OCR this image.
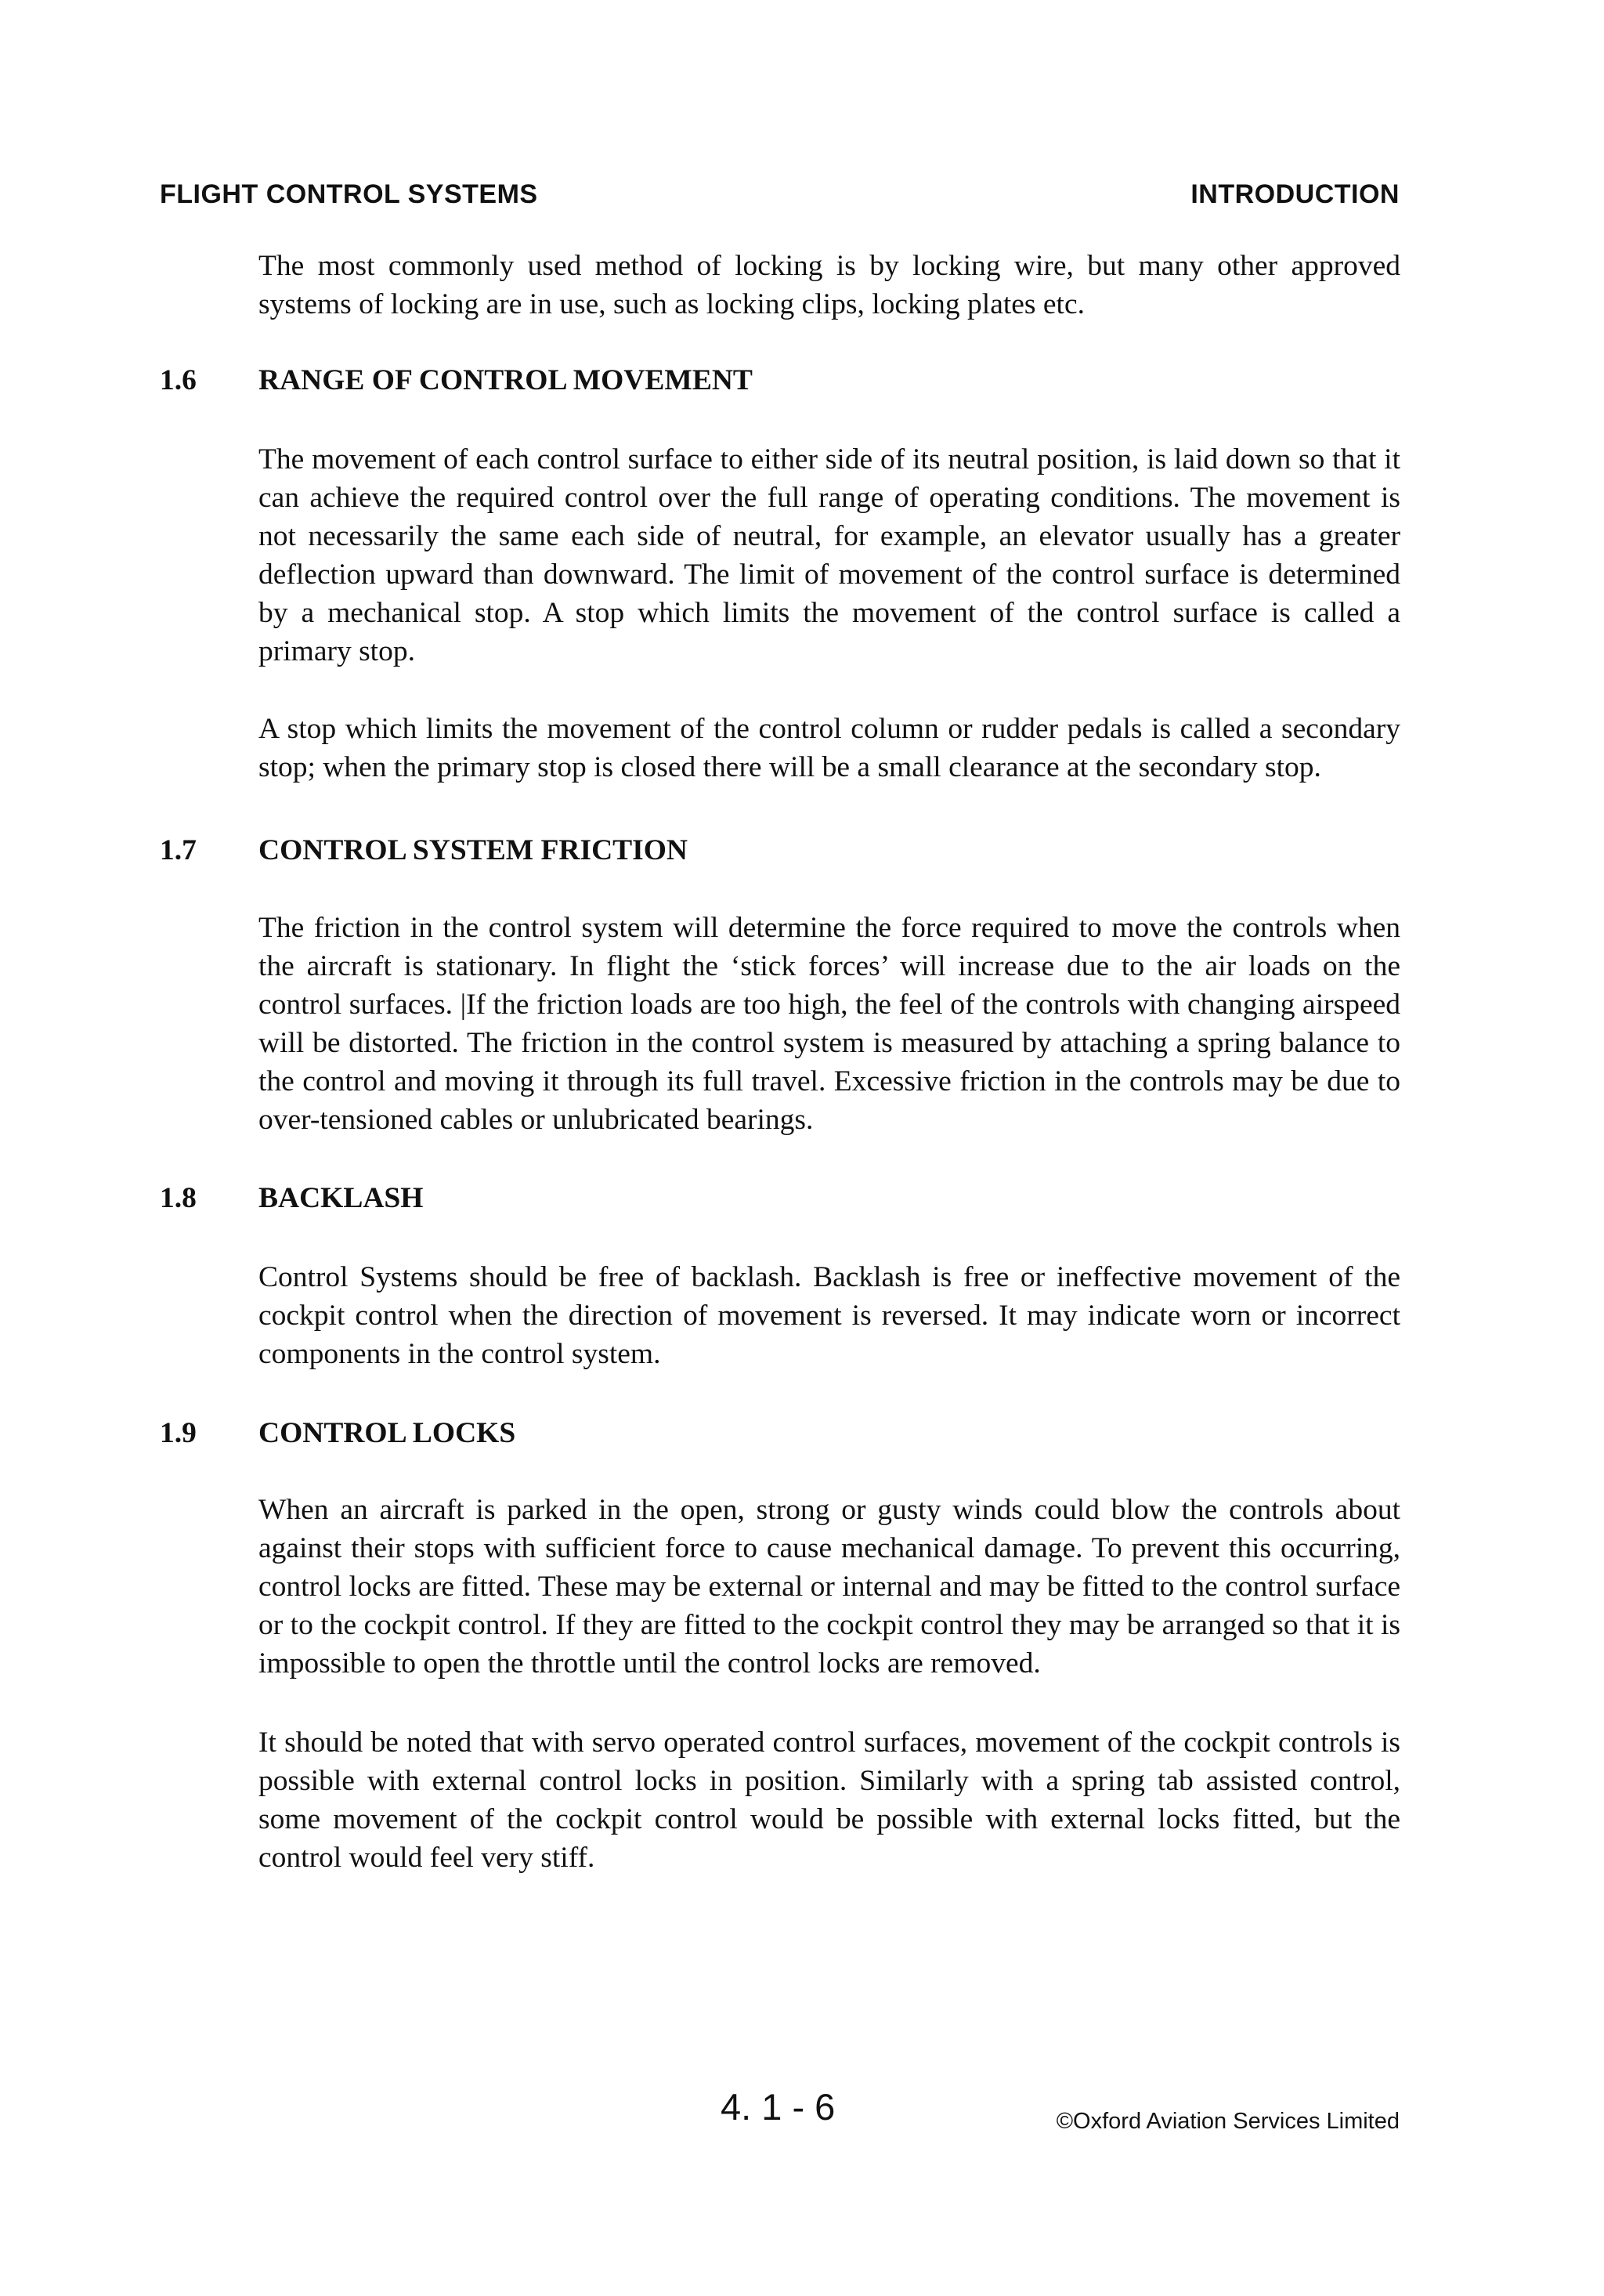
FLIGHT CONTROL SYSTEMS	INTRODUCTION

The most commonly used method of locking is by locking wire, but many other approved systems of locking are in use, such as locking clips, locking plates etc.

1.6 RANGE OF CONTROL MOVEMENT

The movement of each control surface to either side of its neutral position, is laid down so that it can achieve the required control over the full range of operating conditions. The movement is not necessarily the same each side of neutral, for example, an elevator usually has a greater deflection upward than downward. The limit of movement of the control surface is determined by a mechanical stop. A stop which limits the movement of the control surface is called a primary stop.

A stop which limits the movement of the control column or rudder pedals is called a secondary stop; when the primary stop is closed there will be a small clearance at the secondary stop.

1.7 CONTROL SYSTEM FRICTION

The friction in the control system will determine the force required to move the controls when the aircraft is stationary. In flight the ‘stick forces’ will increase due to the air loads on the control surfaces. |If the friction loads are too high, the feel of the controls with changing airspeed will be distorted. The friction in the control system is measured by attaching a spring balance to the control and moving it through its full travel. Excessive friction in the controls may be due to over-tensioned cables or unlubricated bearings.

1.8 BACKLASH

Control Systems should be free of backlash. Backlash is free or ineffective movement of the cockpit control when the direction of movement is reversed. It may indicate worn or incorrect components in the control system.

1.9 CONTROL LOCKS

When an aircraft is parked in the open, strong or gusty winds could blow the controls about against their stops with sufficient force to cause mechanical damage. To prevent this occurring, control locks are fitted. These may be external or internal and may be fitted to the control surface or to the cockpit control. If they are fitted to the cockpit control they may be arranged so that it is impossible to open the throttle until the control locks are removed.

It should be noted that with servo operated control surfaces, movement of the cockpit controls is possible with external control locks in position. Similarly with a spring tab assisted control, some movement of the cockpit control would be possible with external locks fitted, but the control would feel very stiff.

4. 1 - 6	©Oxford Aviation Services Limited
